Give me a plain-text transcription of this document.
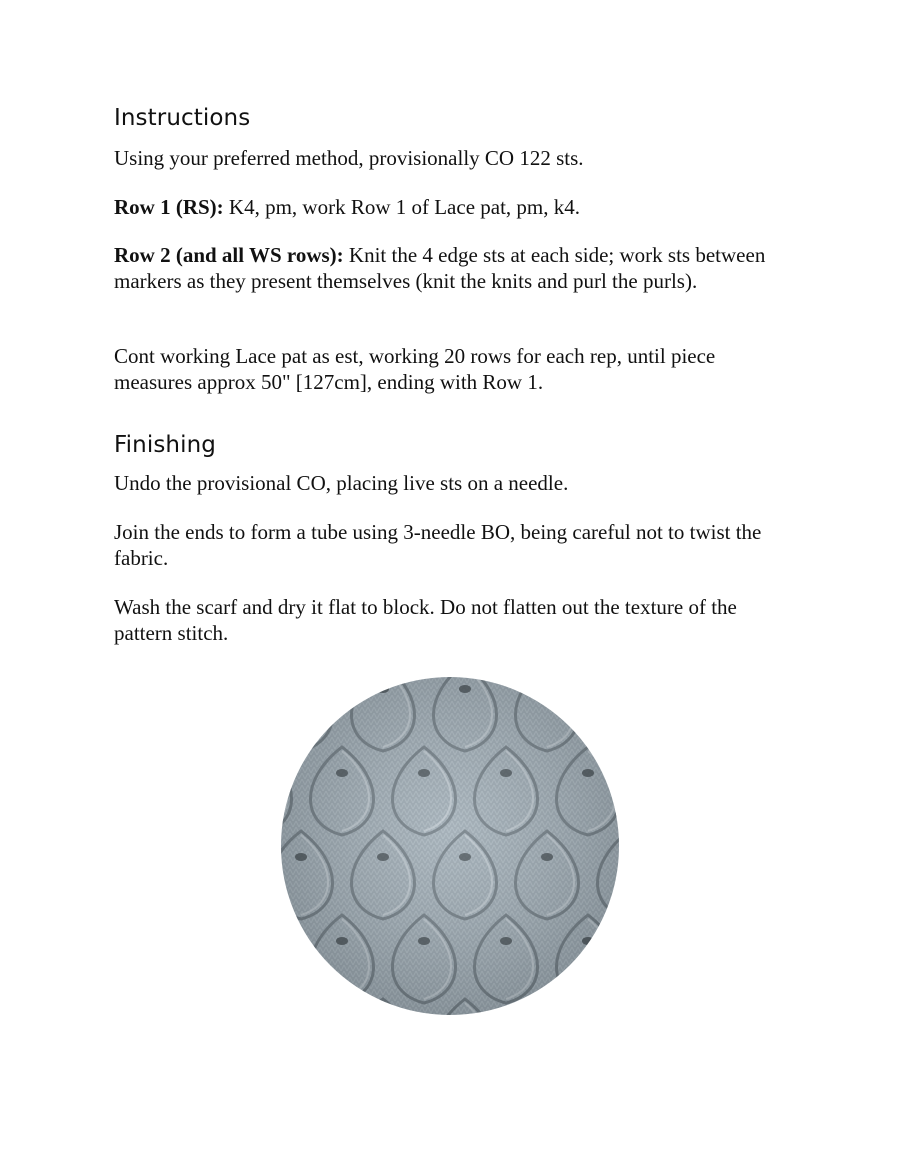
Instructions

Using your preferred method, provisionally CO 122 sts.

Row 1 (RS): K4, pm, work Row 1 of Lace pat, pm, k4.

Row 2 (and all WS rows): Knit the 4 edge sts at each side; work sts between markers as they present themselves (knit the knits and purl the purls).

Cont working Lace pat as est, working 20 rows for each rep, until piece measures approx 50" [127cm], ending with Row 1.

Finishing

Undo the provisional CO, placing live sts on a needle.

Join the ends to form a tube using 3-needle BO, being careful not to twist the fabric.

Wash the scarf and dry it flat to block. Do not flatten out the texture of the pattern stitch.
